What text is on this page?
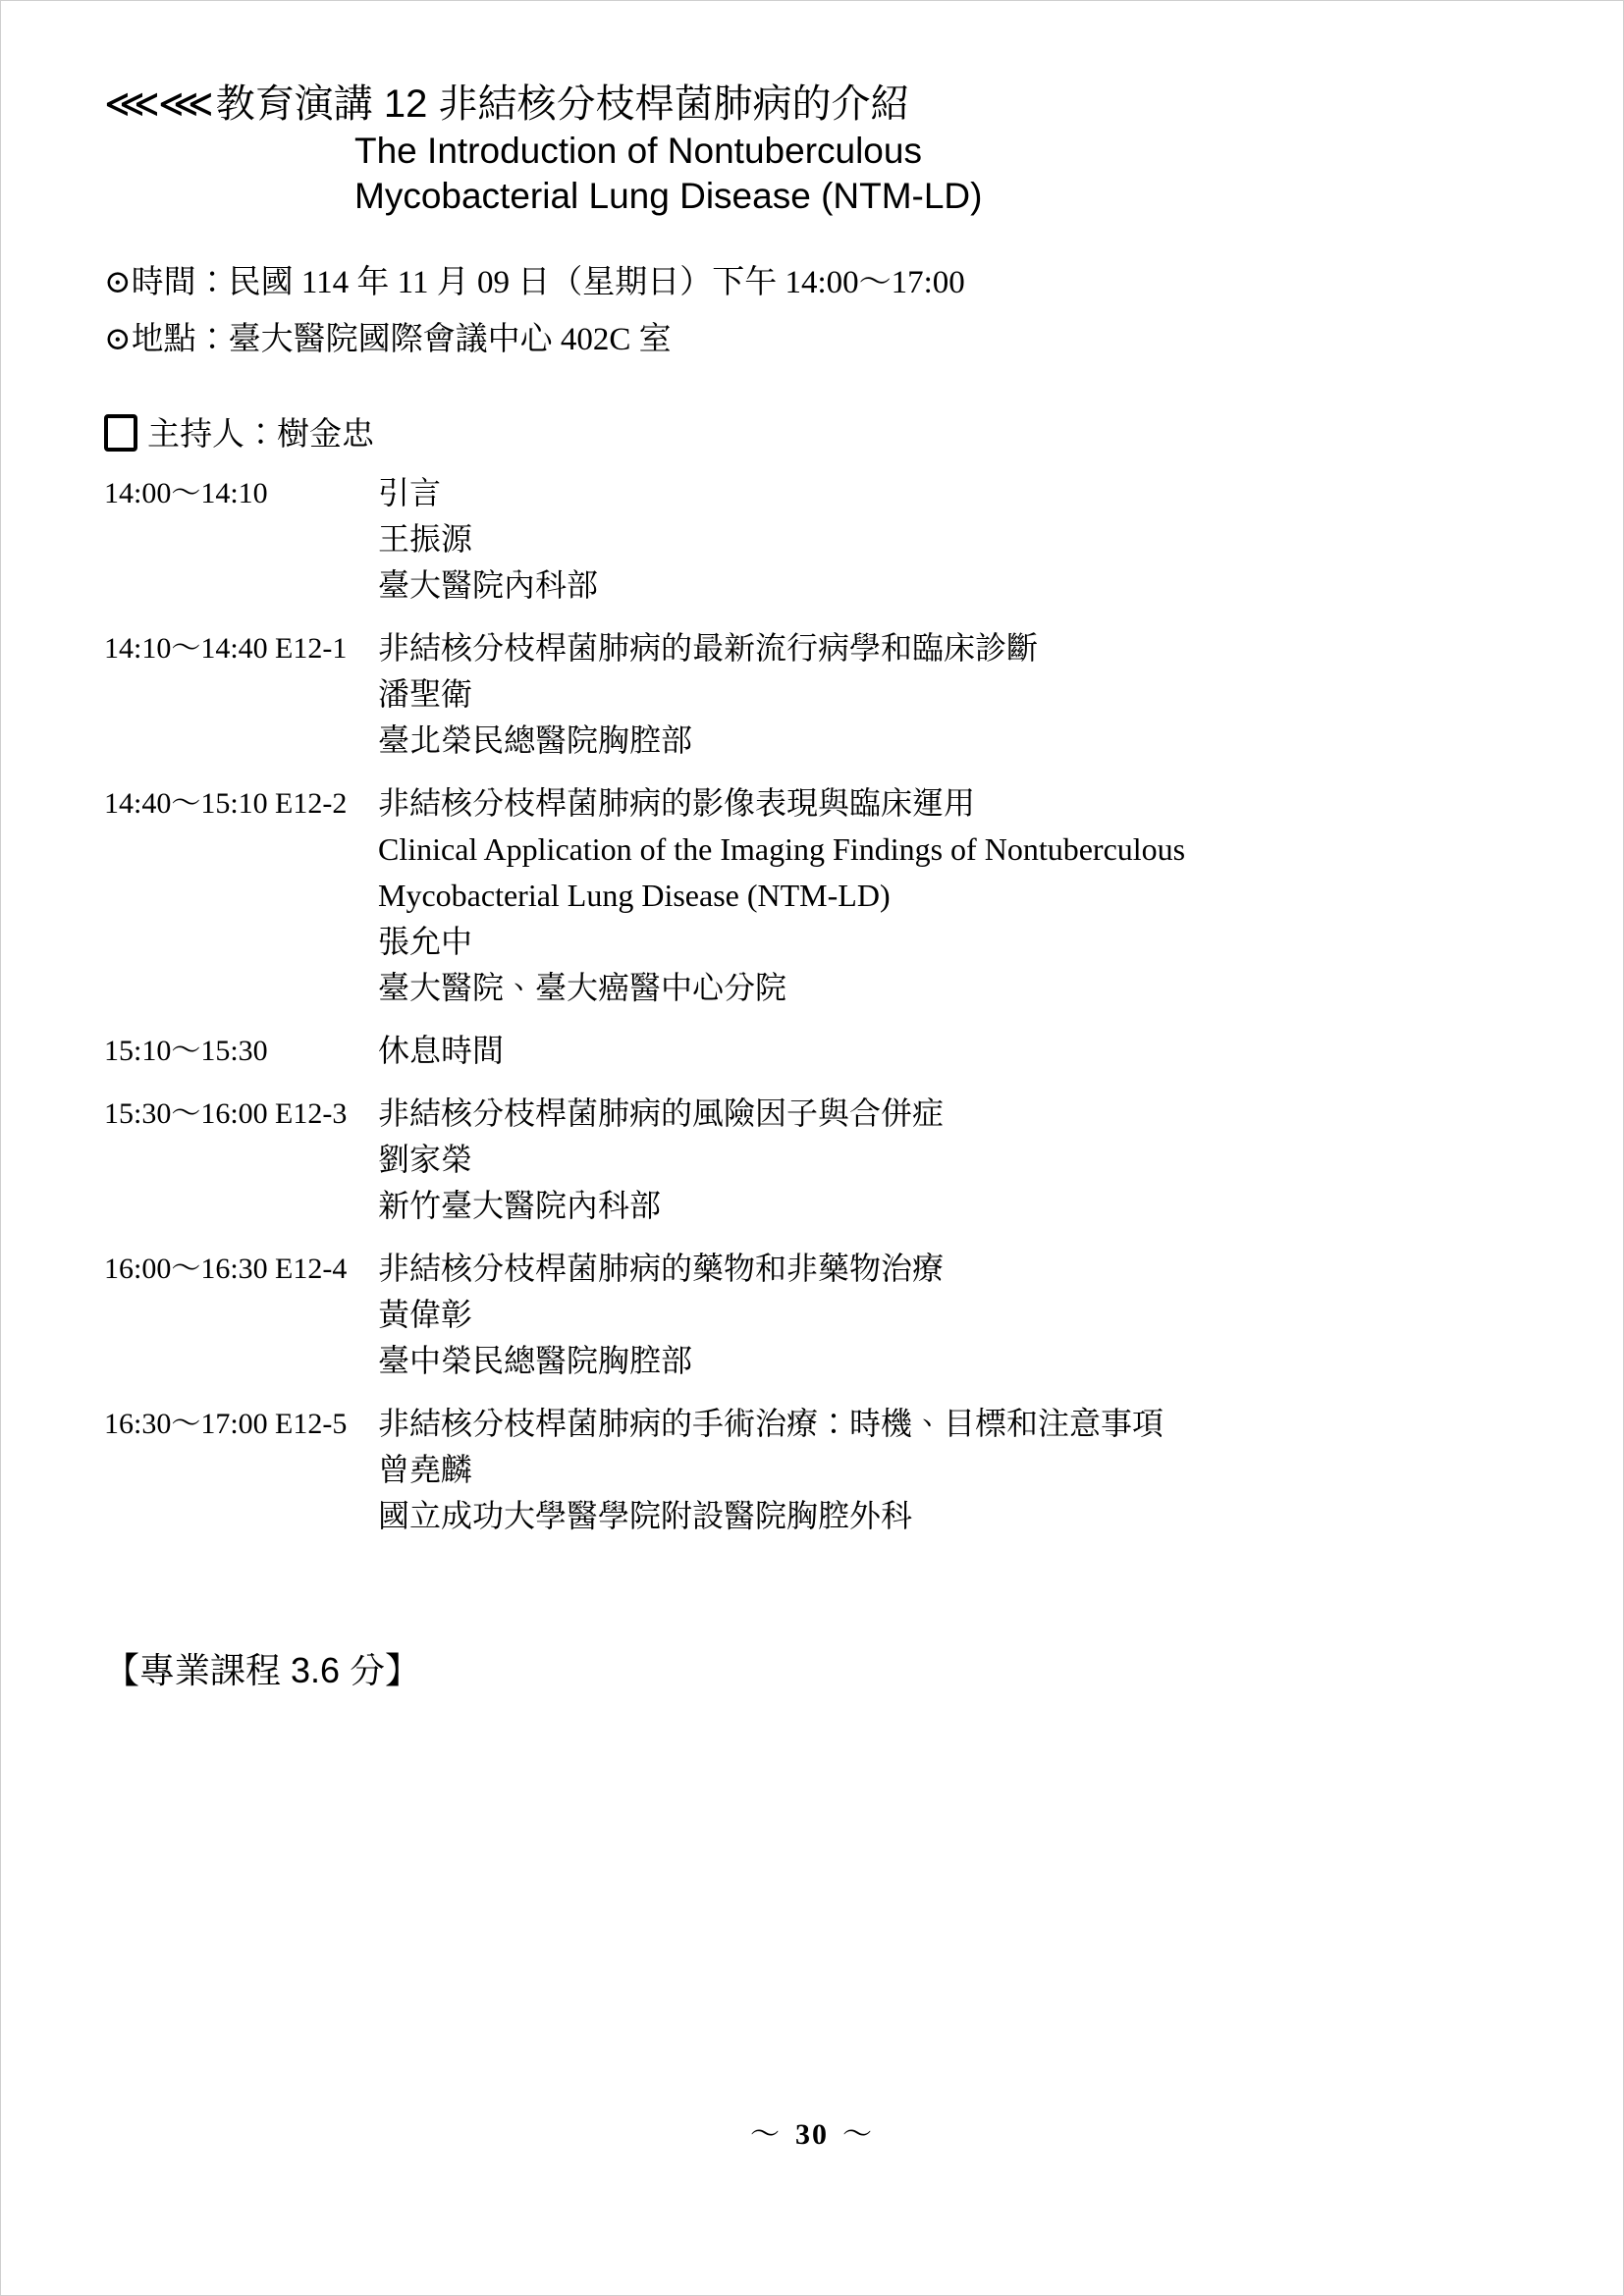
⋘⋘ 教育演講 12 非結核分枝桿菌肺病的介紹
The Introduction of Nontuberculous
Mycobacterial Lung Disease (NTM-LD)
⊙時間：民國 114 年 11 月 09 日（星期日）下午 14:00～17:00
⊙地點：臺大醫院國際會議中心 402C 室
主持人： 樹金忠
14:00～14:10	引言
王振源
臺大醫院內科部
14:10～14:40 E12-1 非結核分枝桿菌肺病的最新流行病學和臨床診斷
潘聖衛
臺北榮民總醫院胸腔部
14:40～15:10 E12-2 非結核分枝桿菌肺病的影像表現與臨床運用
Clinical Application of the Imaging Findings of Nontuberculous
Mycobacterial Lung Disease (NTM-LD)
張允中
臺大醫院、臺大癌醫中心分院
15:10～15:30	休息時間
15:30～16:00 E12-3 非結核分枝桿菌肺病的風險因子與合併症
劉家榮
新竹臺大醫院內科部
16:00～16:30 E12-4 非結核分枝桿菌肺病的藥物和非藥物治療
黃偉彰
臺中榮民總醫院胸腔部
16:30～17:00 E12-5 非結核分枝桿菌肺病的手術治療：時機、目標和注意事項
曾堯麟
國立成功大學醫學院附設醫院胸腔外科
【專業課程 3.6 分】
～ 30 ～
